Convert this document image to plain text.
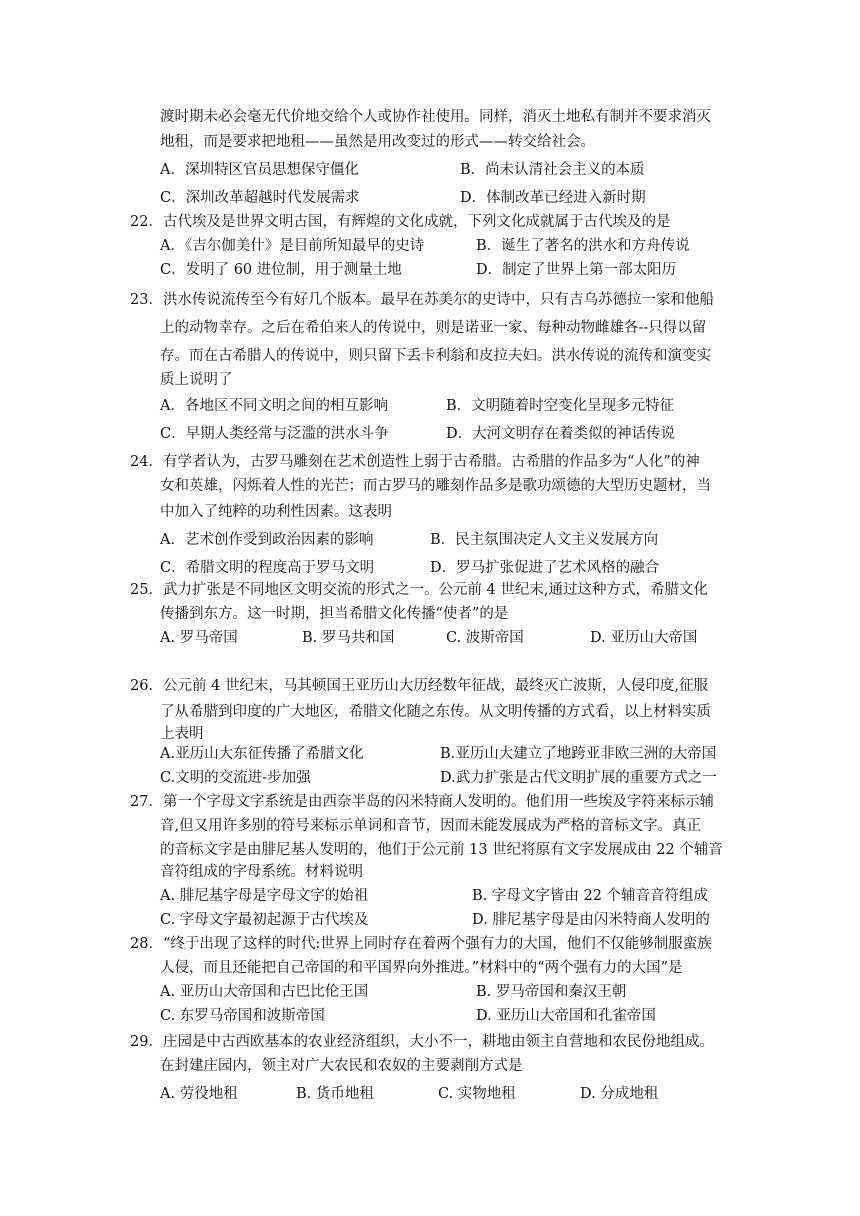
渡时期未必会毫无代价地交给个人或协作社使用。同样，消灭土地私有制并不要求消灭
地租，而是要求把地租——虽然是用改变过的形式——转交给社会。
A．深圳特区官员思想保守僵化	B．尚未认清社会主义的本质
C．深圳改革超越时代发展需求	D．体制改革已经进入新时期
22．古代埃及是世界文明古国，有辉煌的文化成就，下列文化成就属于古代埃及的是
A．《吉尔伽美什》是目前所知最早的史诗	B．诞生了著名的洪水和方舟传说
C．发明了 60 进位制，用于测量土地	D．制定了世界上第一部太阳历
23．洪水传说流传至今有好几个版本。最早在苏美尔的史诗中，只有吉乌苏德拉一家和他船
上的动物幸存。之后在希伯来人的传说中，则是诺亚一家、每种动物雌雄各--只得以留
存。而在古希腊人的传说中，则只留下丢卡利翁和皮拉夫妇。洪水传说的流传和演变实
质上说明了
A．各地区不同文明之间的相互影响	B．文明随着时空变化呈现多元特征
C．早期人类经常与泛滥的洪水斗争	D．大河文明存在着类似的神话传说
24．有学者认为，古罗马雕刻在艺术创造性上弱于古希腊。古希腊的作品多为“人化”的神
女和英雄，闪烁着人性的光芒；而古罗马的雕刻作品多是歌功颂德的大型历史题材，当
中加入了纯粹的功利性因素。这表明
A．艺术创作受到政治因素的影响	B．民主氛围决定人文主义发展方向
C．希腊文明的程度高于罗马文明	D．罗马扩张促进了艺术风格的融合
25．武力扩张是不同地区文明交流的形式之一。公元前 4 世纪末,通过这种方式，希腊文化
传播到东方。这一时期，担当希腊文化传播“使者”的是
A. 罗马帝国	B. 罗马共和国	C. 波斯帝国	D. 亚历山大帝国
26．公元前 4 世纪末，马其顿国王亚历山大历经数年征战，最终灭亡波斯，人侵印度,征服
了从希腊到印度的广大地区，希腊文化随之东传。从文明传播的方式看，以上材料实质
上表明
A.亚历山大东征传播了希腊文化	B.亚历山大建立了地跨亚非欧三洲的大帝国
C.文明的交流进-步加强	D.武力扩张是古代文明扩展的重要方式之一
27．第一个字母文字系统是由西奈半岛的闪米特商人发明的。他们用一些埃及字符来标示辅
音,但又用许多别的符号来标示单词和音节，因而未能发展成为严格的音标文字。真正
的音标文字是由腓尼基人发明的，他们于公元前 13 世纪将原有文字发展成由 22 个辅音
音符组成的字母系统。材料说明
A. 腓尼基字母是字母文字的始祖	B. 字母文字皆由 22 个辅音音符组成
C. 字母文字最初起源于古代埃及	D. 腓尼基字母是由闪米特商人发明的
28．“终于出现了这样的时代:世界上同时存在着两个强有力的大国，他们不仅能够制服蛮族
人侵，而且还能把自己帝国的和平国界向外推进。”材料中的“两个强有力的大国”是
A. 亚历山大帝国和古巴比伦王国	B. 罗马帝国和秦汉王朝
C. 东罗马帝国和波斯帝国	D. 亚历山大帝国和孔雀帝国
29．庄园是中古西欧基本的农业经济组织，大小不一，耕地由领主自营地和农民份地组成。
在封建庄园内，领主对广大农民和农奴的主要剥削方式是
A. 劳役地租	B. 货币地租	C. 实物地租	D. 分成地租
